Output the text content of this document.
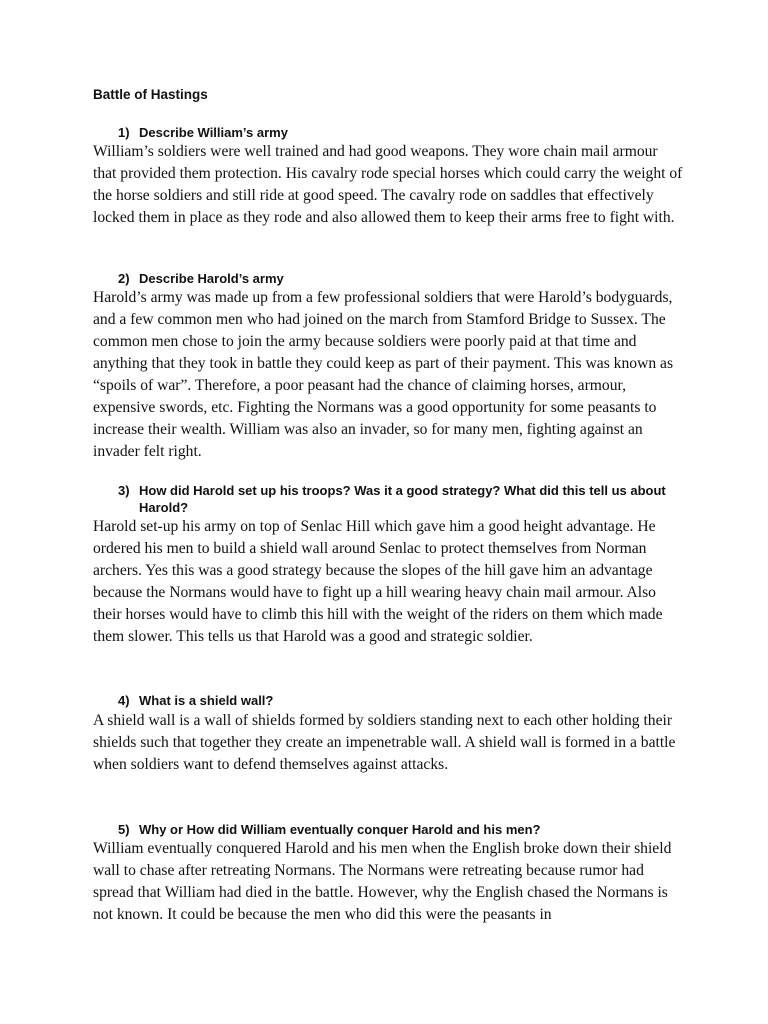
Battle of Hastings
1) Describe William’s army

William’s soldiers were well trained and had good weapons. They wore chain mail armour that provided them protection. His cavalry rode special horses which could carry the weight of the horse soldiers and still ride at good speed. The cavalry rode on saddles that effectively locked them in place as they rode and also allowed them to keep their arms free to fight with.

2) Describe Harold’s army

Harold’s army was made up from a few professional soldiers that were Harold’s bodyguards, and a few common men who had joined on the march from Stamford Bridge to Sussex. The common men chose to join the army because soldiers were poorly paid at that time and anything that they took in battle they could keep as part of their payment. This was known as “spoils of war”. Therefore, a poor peasant had the chance of claiming horses, armour, expensive swords, etc. Fighting the Normans was a good opportunity for some peasants to increase their wealth. William was also an invader, so for many men, fighting against an invader felt right.

3) How did Harold set up his troops? Was it a good strategy? What did this tell us about Harold?

Harold set-up his army on top of Senlac Hill which gave him a good height advantage. He ordered his men to build a shield wall around Senlac to protect themselves from Norman archers. Yes this was a good strategy because the slopes of the hill gave him an advantage because the Normans would have to fight up a hill wearing heavy chain mail armour. Also their horses would have to climb this hill with the weight of the riders on them which made them slower. This tells us that Harold was a good and strategic soldier.

4) What is a shield wall?

A shield wall is a wall of shields formed by soldiers standing next to each other holding their shields such that together they create an impenetrable wall. A shield wall is formed in a battle when soldiers want to defend themselves against attacks.

5) Why or How did William eventually conquer Harold and his men?

William eventually conquered Harold and his men when the English broke down their shield wall to chase after retreating Normans. The Normans were retreating because rumor had spread that William had died in the battle. However, why the English chased the Normans is not known. It could be because the men who did this were the peasants in
